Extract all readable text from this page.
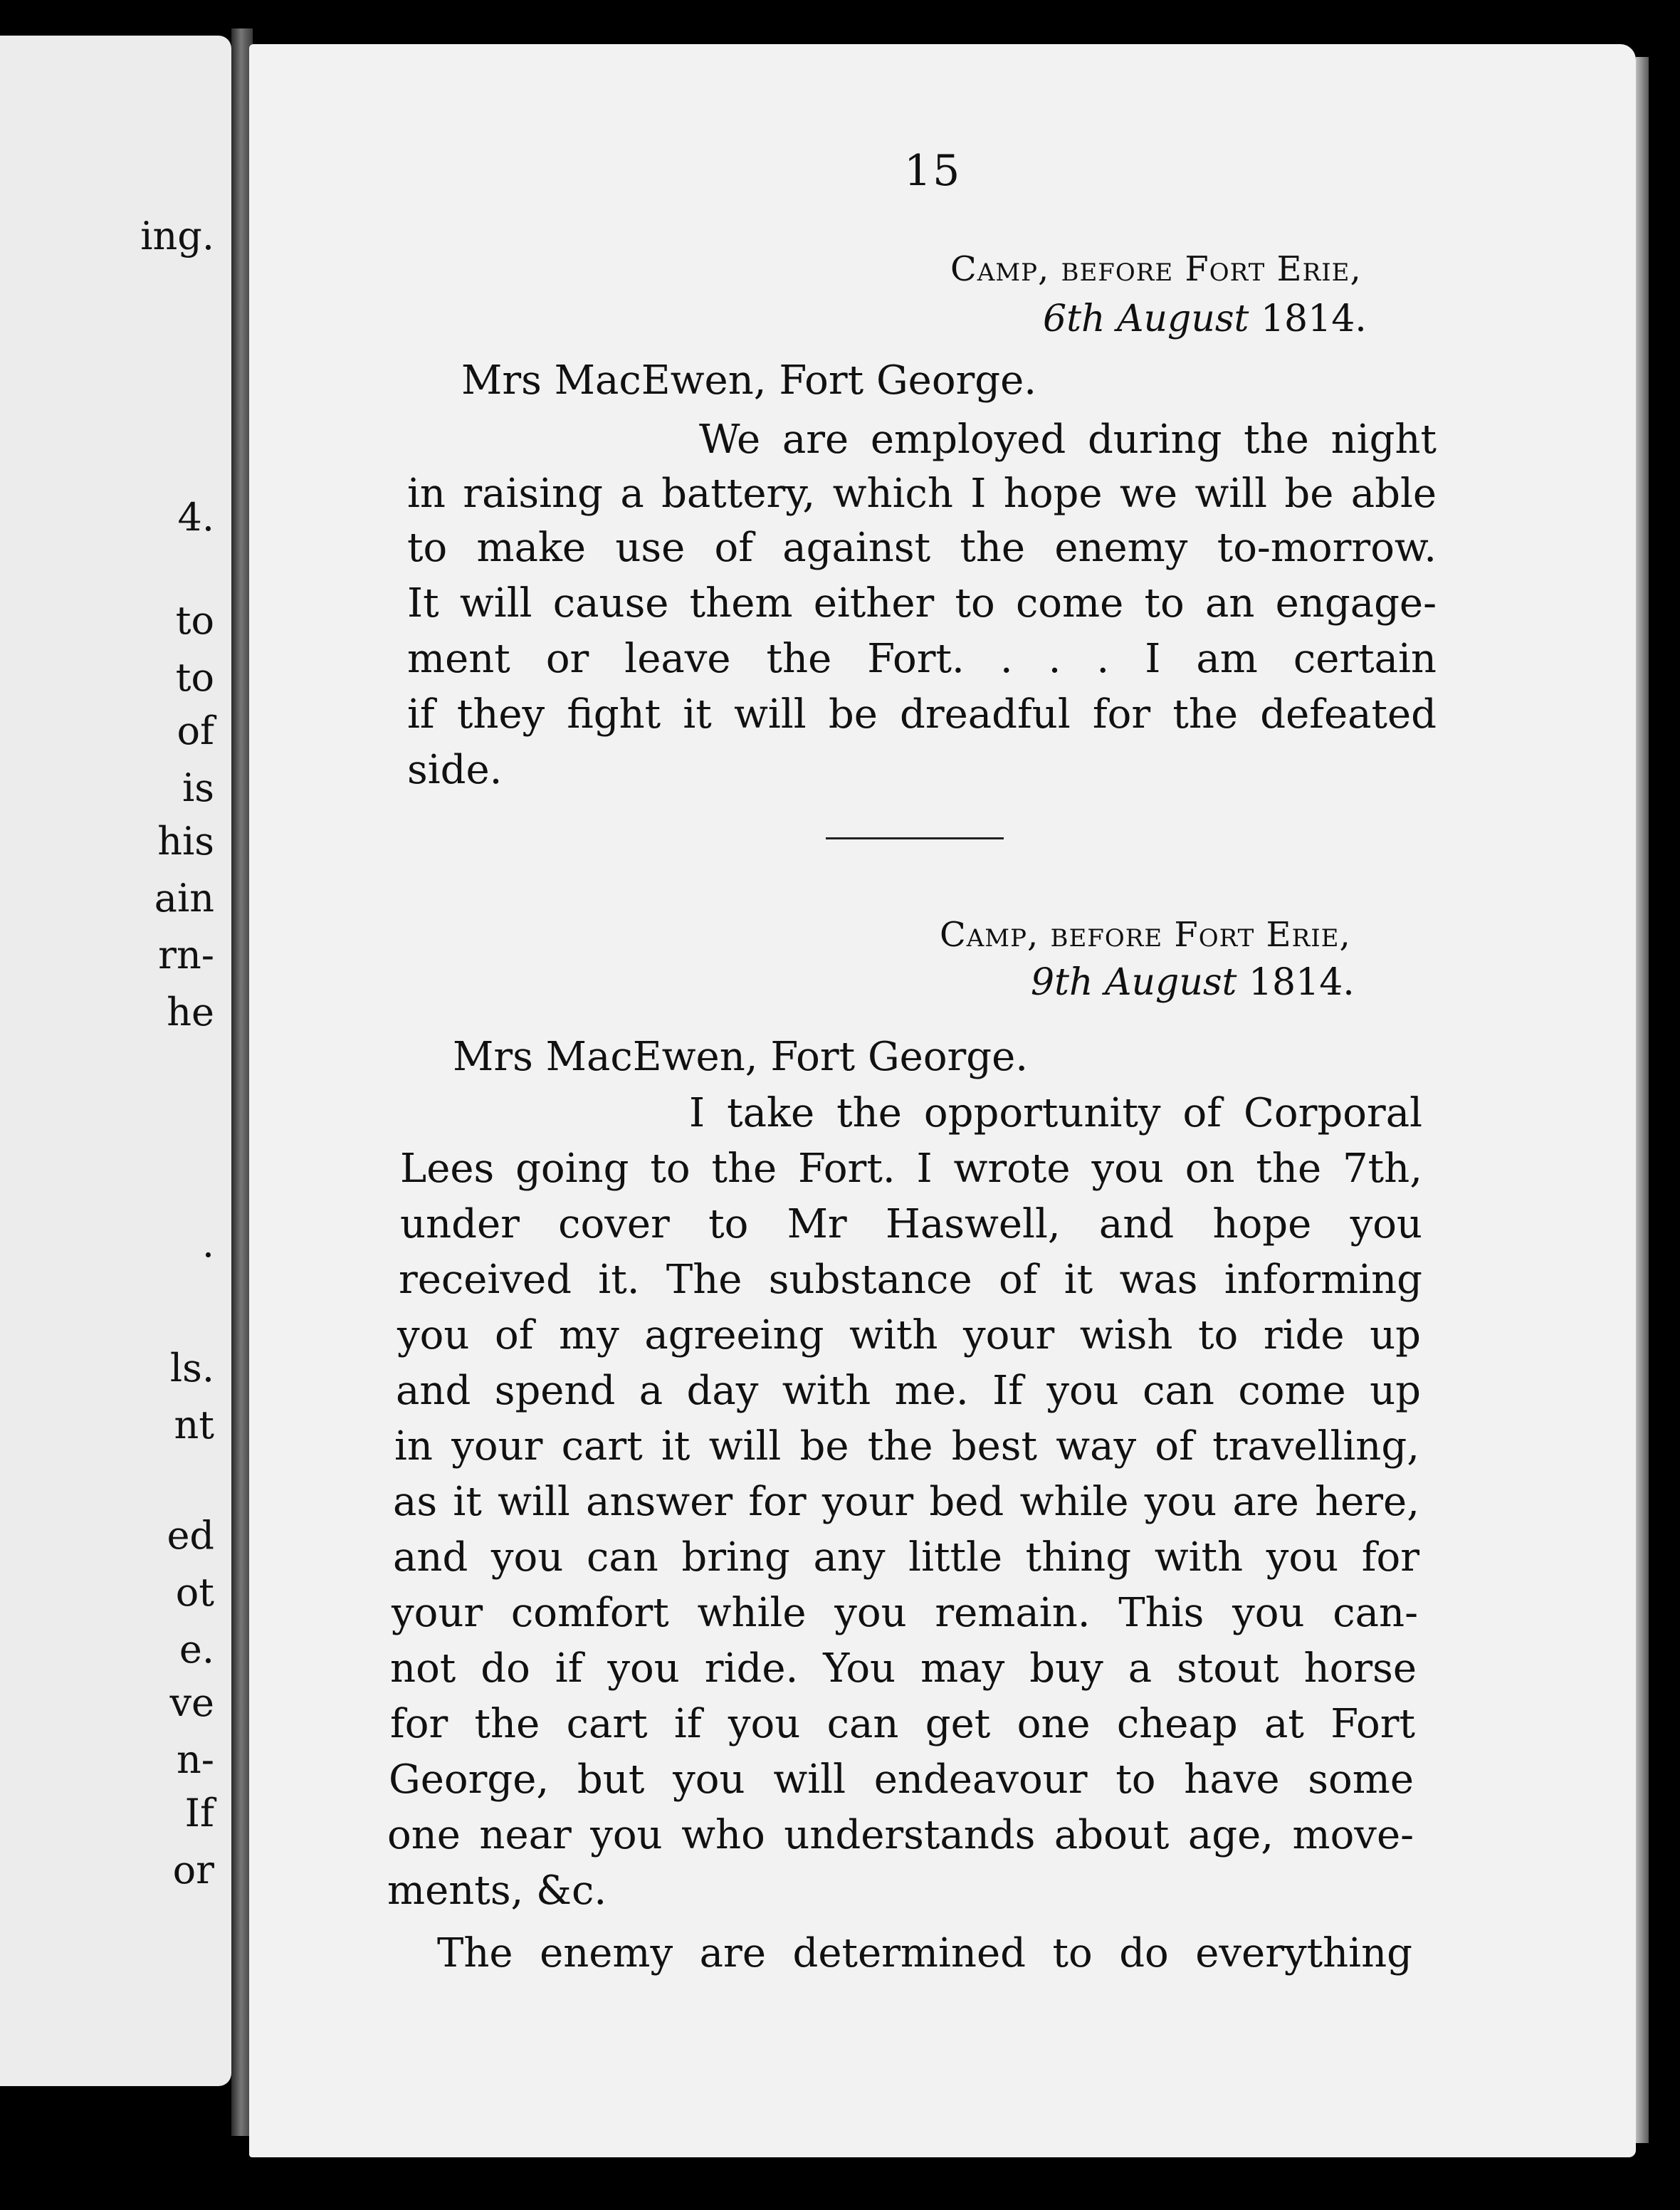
ing.
4.
to
to
of
is
his
ain
rn-
he
.
ls.
nt
ed
ot
e.
ve
n-
If
or
15
Camp, before Fort Erie,
6th August 1814.
Mrs MacEwen, Fort George.
We are employed during the night
in raising a battery, which I hope we will be able
to make use of against the enemy to-morrow.
It will cause them either to come to an engage-
ment or leave the Fort. . . . I am certain
if they fight it will be dreadful for the defeated
side.
Camp, before Fort Erie,
9th August 1814.
Mrs MacEwen, Fort George.
I take the opportunity of Corporal
Lees going to the Fort. I wrote you on the 7th,
under cover to Mr Haswell, and hope you
received it. The substance of it was informing
you of my agreeing with your wish to ride up
and spend a day with me. If you can come up
in your cart it will be the best way of travelling,
as it will answer for your bed while you are here,
and you can bring any little thing with you for
your comfort while you remain. This you can-
not do if you ride. You may buy a stout horse
for the cart if you can get one cheap at Fort
George, but you will endeavour to have some
one near you who understands about age, move-
ments, &c.
The enemy are determined to do everything
